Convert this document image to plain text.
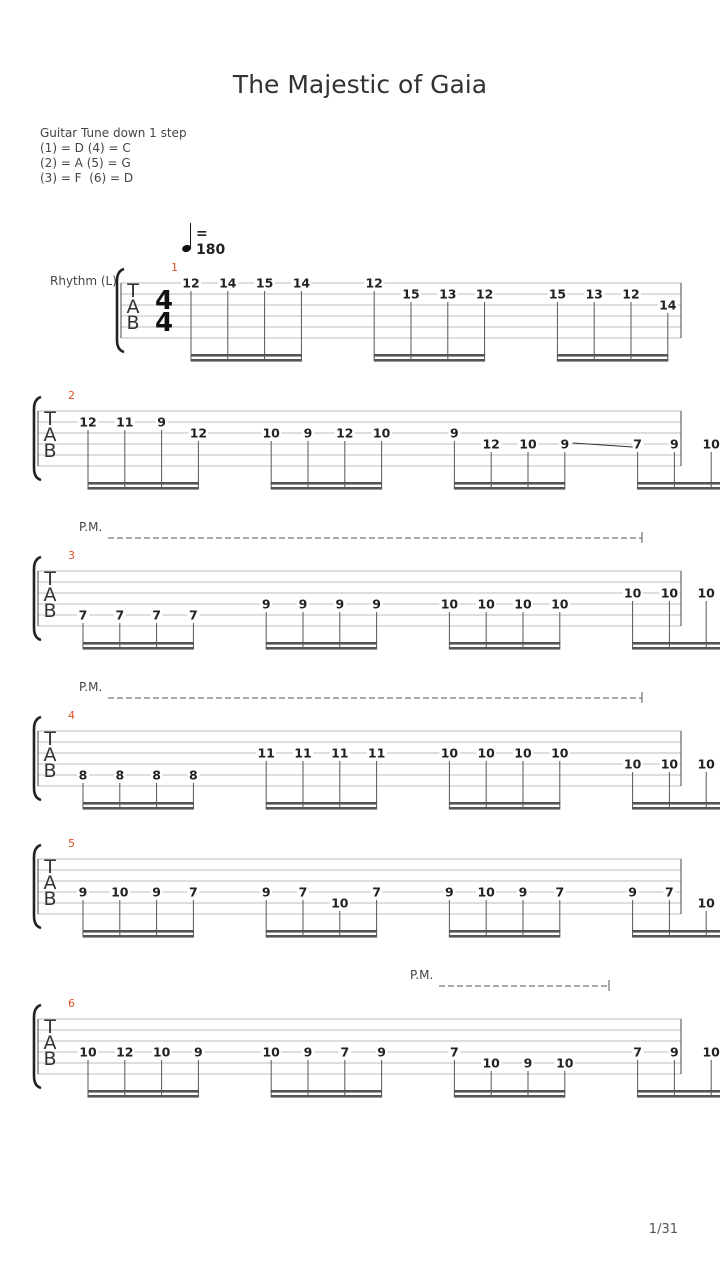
The Majestic of Gaia
Guitar Tune down 1 step
(1) = D (4) = C
(2) = A (5) = G
(3) = F  (6) = D
= 180
Rhythm (L) T
A
B
4
4
1
12 14 15 14	12
15 13 12	15 13 12
14
T
A
B
2
12 11 9
12	10 9 12 10	9
12 10 9	7 9 10
T
A
B
3
P.M.
7 7 7 7
9 9 9 9	10 10 10 10
10 10 10
T
A
B
4
P.M.
8 8 8 8
11 11 11 11	10 10 10 10
10 10 10
T
A
B
5
9 10 9 7	9 7
10
7	9 10 9 7	9 7
10
T
A
B
6
P.M.
10 12 10 9	10 9 7 9	7
10 9 10
7 9 10
1/31
